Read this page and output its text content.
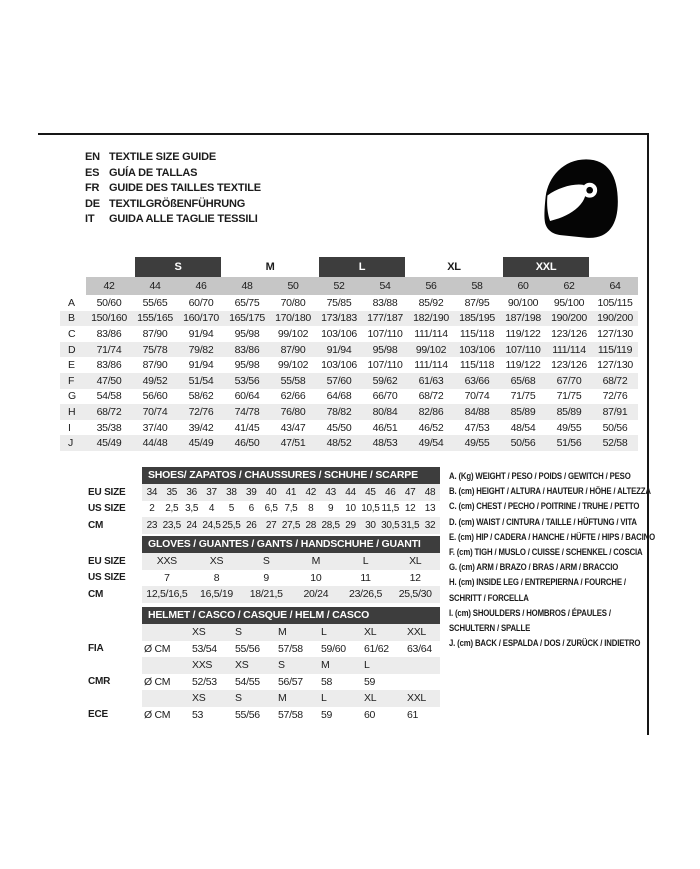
EN TEXTILE SIZE GUIDE
ES GUÍA DE TALLAS
FR GUIDE DES TAILLES TEXTILE
DE TEXTILGRÖßENFÜHRUNG
IT	GUIDA ALLE TAGLIE TESSILI
		S		M		L		XL		XXL		
	42	44	46	48	50	52	54	56	58	60	62	64
A	50/60	55/65	60/70	65/75	70/80	75/85	83/88	85/92	87/95	90/100	95/100	105/115
B	150/160	155/165	160/170	165/175	170/180	173/183	177/187	182/190	185/195	187/198	190/200	190/200
C	83/86	87/90	91/94	95/98	99/102	103/106	107/110	111/114	115/118	119/122	123/126	127/130
D	71/74	75/78	79/82	83/86	87/90	91/94	95/98	99/102	103/106	107/110	111/114	115/119
E	83/86	87/90	91/94	95/98	99/102	103/106	107/110	111/114	115/118	119/122	123/126	127/130
F	47/50	49/52	51/54	53/56	55/58	57/60	59/62	61/63	63/66	65/68	67/70	68/72
G	54/58	56/60	58/62	60/64	62/66	64/68	66/70	68/72	70/74	71/75	71/75	72/76
H	68/72	70/74	72/76	74/78	76/80	78/82	80/84	82/86	84/88	85/89	85/89	87/91
I	35/38	37/40	39/42	41/45	43/47	45/50	46/51	46/52	47/53	48/54	49/55	50/56
J	45/49	44/48	45/49	46/50	47/51	48/52	48/53	49/54	49/55	50/56	51/56	52/58
SHOES/ ZAPATOS / CHAUSSURES / SCHUHE / SCARPE
EU SIZE	34 35 36 37 38 39 40 41 42 43 44 45 46 47 48
US SIZE	2	2,5 3,5	4	5	6	6,5 7,5	8	9	10 10,5 11,5 12 13
CM	23 23,5 24 24,5 25,5 26 27 27,5 28 28,5 29 30 30,5 31,5 32
GLOVES / GUANTES / GANTS / HANDSCHUHE / GUANTI
EU SIZE	XXS	XS	S	M	L	XL
US SIZE	7	8	9	10	11	12
CM	12,5/16,5	16,5/19	18/21,5	20/24	23/26,5	25,5/30
HELMET / CASCO / CASQUE / HELM / CASCO
XS	S	M	L	XL	XXL
FIA	Ø CM	53/54	55/56	57/58	59/60	61/62	63/64
XXS	XS	S	M	L
CMR	Ø CM	52/53	54/55	56/57	58	59
XS	S	M	L	XL	XXL
ECE	Ø CM	53	55/56	57/58	59	60	61
A. (Kg) WEIGHT / PESO / POIDS / GEWITCH / PESO
B. (cm) HEIGHT / ALTURA / HAUTEUR / HÖHE / ALTEZZA
C. (cm) CHEST / PECHO / POITRINE / TRUHE / PETTO
D. (cm) WAIST / CINTURA / TAILLE / HÜFTUNG / VITA
E. (cm) HIP / CADERA / HANCHE / HÜFTE / HIPS / BACINO
F. (cm) TIGH / MUSLO / CUISSE / SCHENKEL / COSCIA
G. (cm) ARM / BRAZO / BRAS / ARM / BRACCIO
H. (cm) INSIDE LEG / ENTREPIERNA / FOURCHE /
SCHRITT / FORCELLA
I. (cm) SHOULDERS / HOMBROS / ÉPAULES /
SCHULTERN / SPALLE
J. (cm) BACK / ESPALDA / DOS / ZURÜCK / INDIETRO
